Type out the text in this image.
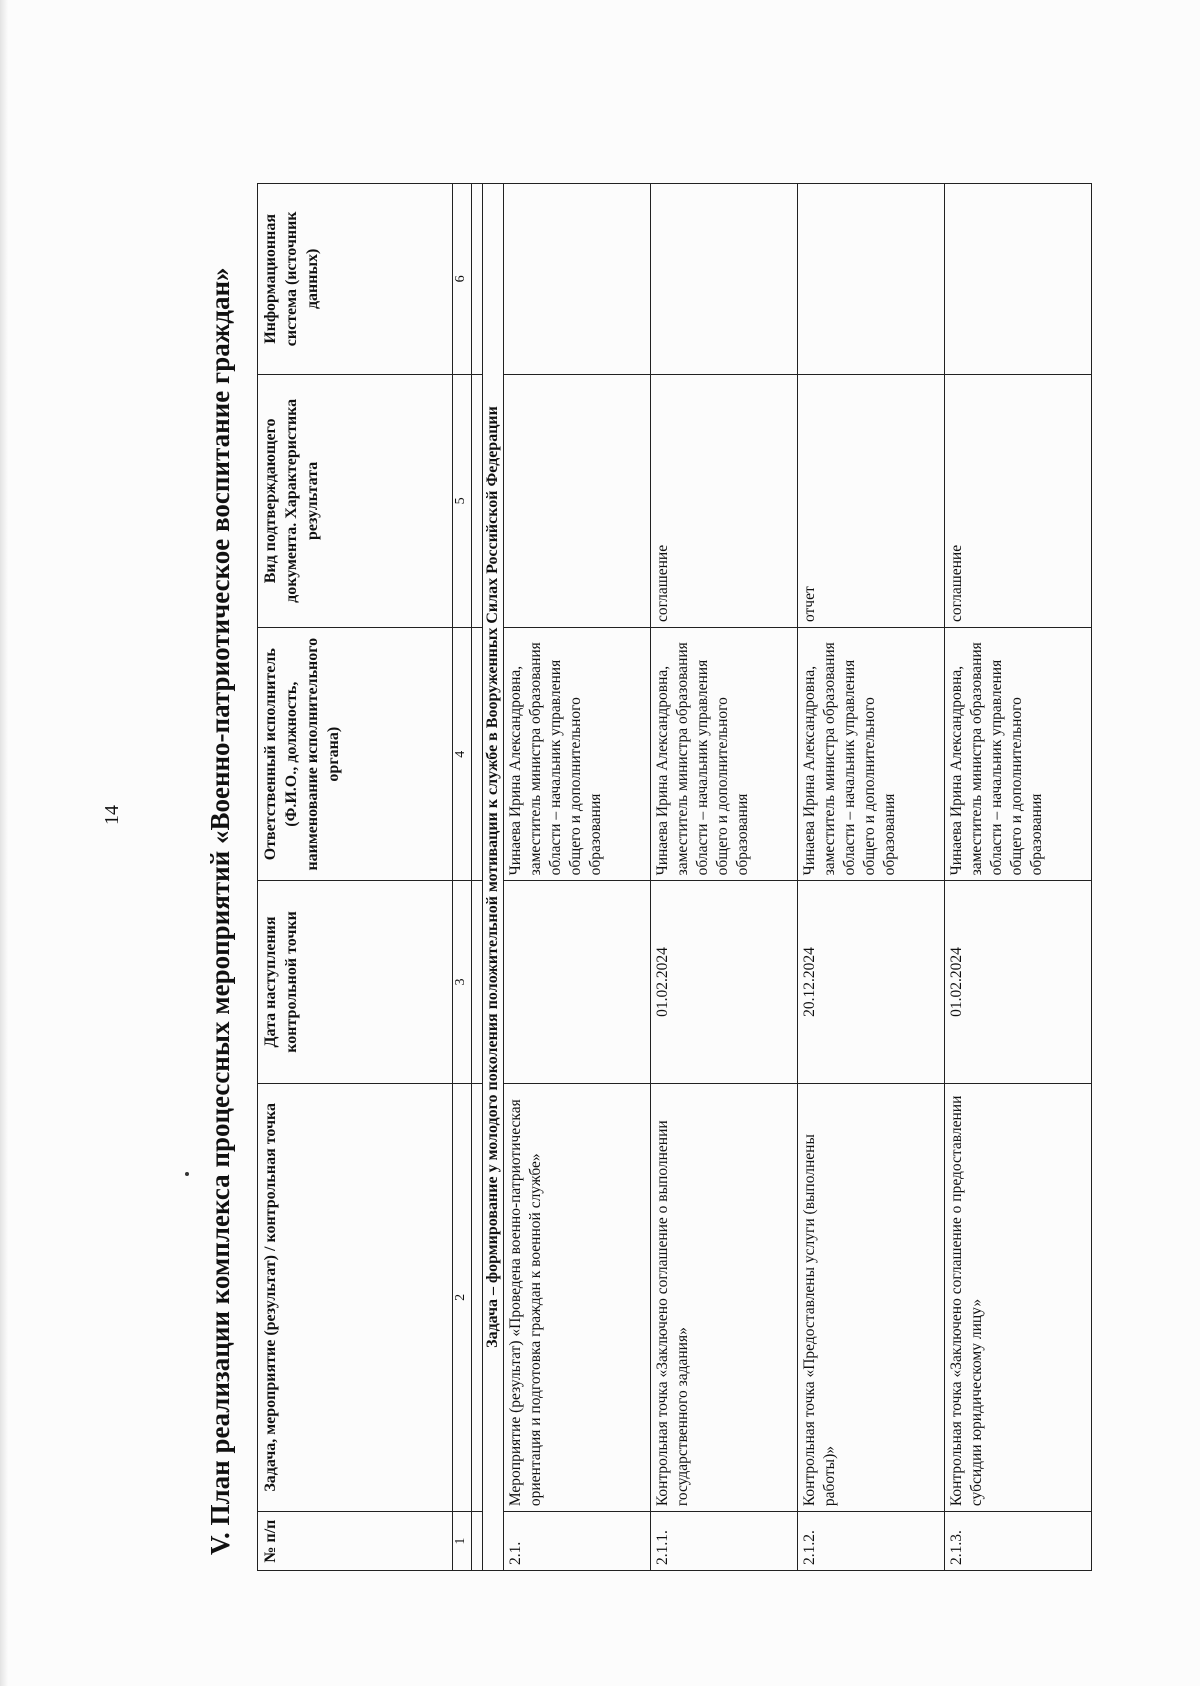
14	V. План реализации комплекса процессных мероприятий «Военно-патриотическое воспитание граждан»	№ п/п	Задача, мероприятие (результат) / контрольная точка	Дата наступления контрольной точки	Ответственный исполнитель (Ф.И.О., должность, наименование исполнительного органа)	Вид подтверждающего документа. Характеристика результата	Информационная система (источник данных)
1	2	3	4	5	6

Задача – формирование у молодого поколения положительной мотивации к службе в Вооруженных Силах Российской Федерации					
2.1.	Мероприятие (результат) «Проведена военно-патриотическая ориентация и подготовка граждан к военной службе»		Чинаева Ирина Александровна, заместитель министра образования области – начальник управления общего и дополнительного образования		
2.1.1.	Контрольная точка «Заключено соглашение о выполнении государственного задания»	01.02.2024	Чинаева Ирина Александровна, заместитель министра образования области – начальник управления общего и дополнительного образования	соглашение	
2.1.2.	Контрольная точка «Предоставлены услуги (выполнены работы)»	20.12.2024	Чинаева Ирина Александровна, заместитель министра образования области – начальник управления общего и дополнительного образования	отчет	
2.1.3.	Контрольная точка «Заключено соглашение о предоставлении субсидии юридическому лицу»	01.02.2024	Чинаева Ирина Александровна, заместитель министра образования области – начальник управления общего и дополнительного образования	соглашение	
